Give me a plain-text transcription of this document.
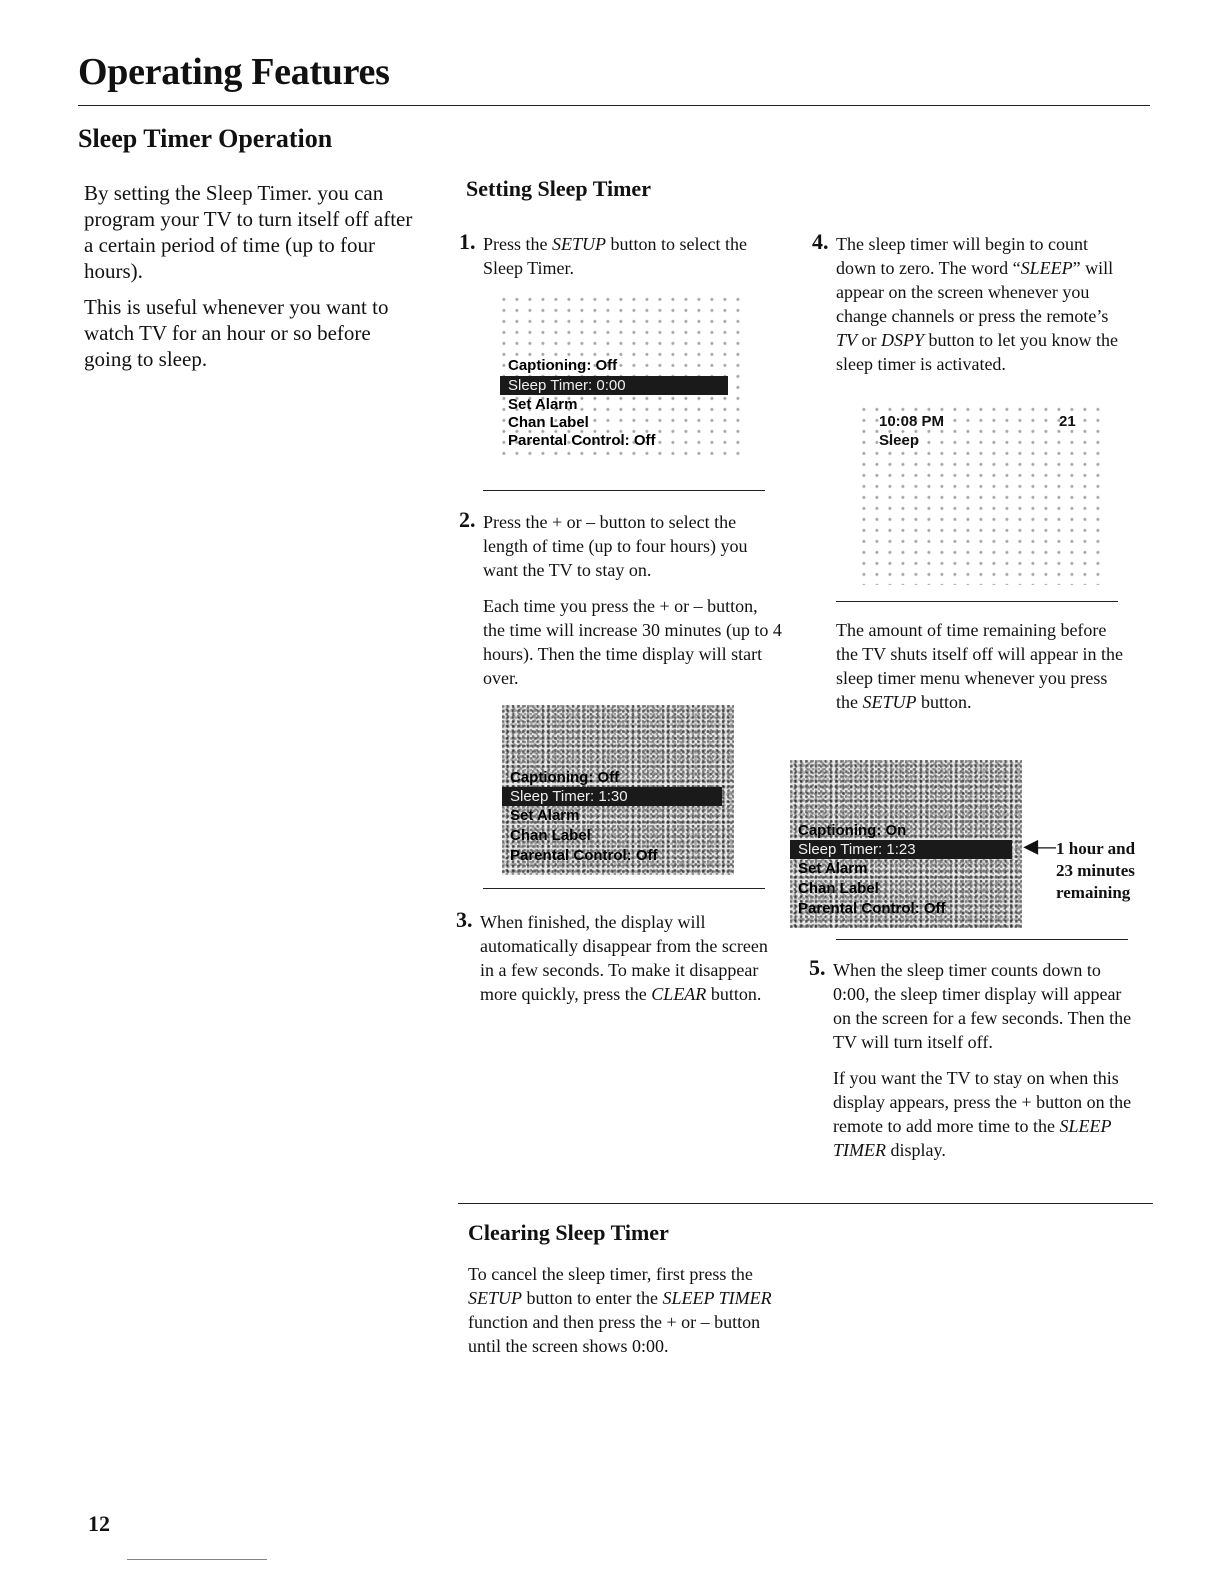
Operating Features
Sleep Timer Operation

By setting the Sleep Timer. you can program your TV to turn itself off after a certain period of time (up to four hours).

This is useful whenever you want to watch TV for an hour or so before going to sleep.

Setting Sleep Timer
1. Press the SETUP button to select the Sleep Timer.

Captioning: Off
Sleep Timer: 0:00
Set Alarm
Chan Label
Parental Control: Off
2. Press the + or – button to select the length of time (up to four hours) you want the TV to stay on.

Each time you press the + or – button, the time will increase 30 minutes (up to 4 hours). Then the time display will start over.

Captioning: Off
Sleep Timer: 1:30
Set Alarm
Chan Label
Parental Control: Off
3. When finished, the display will automatically disappear from the screen in a few seconds. To make it disappear more quickly, press the CLEAR button.

4. The sleep timer will begin to count down to zero. The word “SLEEP” will appear on the screen whenever you change channels or press the remote’s TV or DSPY button to let you know the sleep timer is activated.

10:08 PM	21
Sleep

The amount of time remaining before the TV shuts itself off will appear in the sleep timer menu whenever you press the SETUP button.

Captioning: On
Sleep Timer: 1:23
Set Alarm
Chan Label
Parental Control: Off
◀— 1 hour and
23 minutes
remaining
5. When the sleep timer counts down to 0:00, the sleep timer display will appear on the screen for a few seconds. Then the TV will turn itself off.

If you want the TV to stay on when this display appears, press the + button on the remote to add more time to the SLEEP TIMER display.

Clearing Sleep Timer

To cancel the sleep timer, first press the SETUP button to enter the SLEEP TIMER function and then press the + or – button until the screen shows 0:00.

12
